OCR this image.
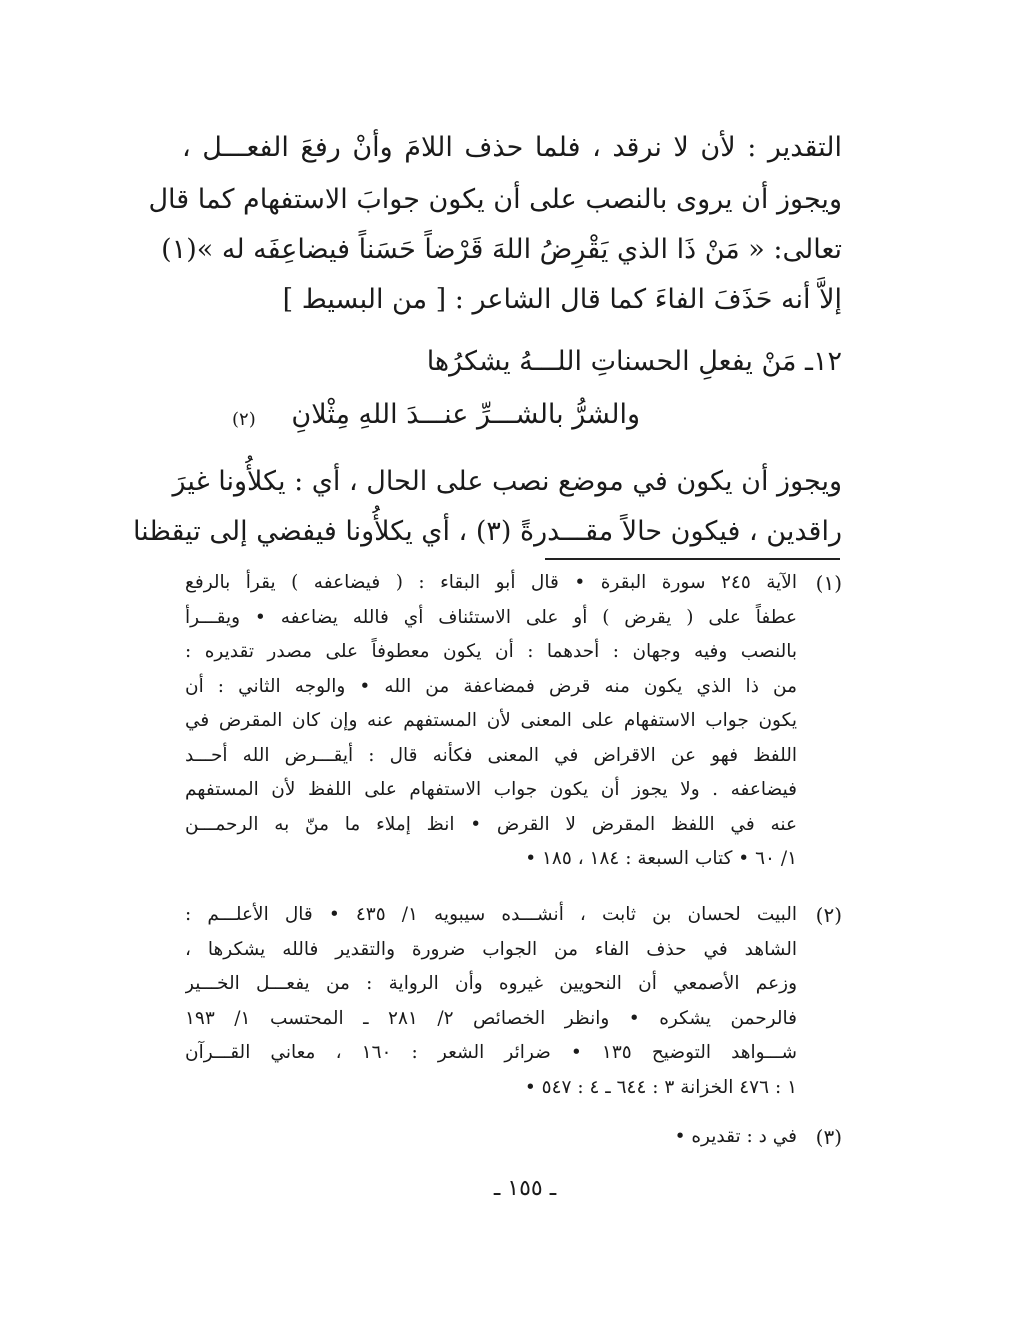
التقدير : لأن لا نرقد ، فلما حذف اللامَ وأنْ رفعَ الفعـــل ،
ويجوز أن يروى بالنصب على أن يكون جوابَ الاستفهام كما قال
تعالى: « مَنْ ذَا الذي يَقْرِضُ اللهَ قَرْضاً حَسَناً فيضاعِفَه له »(١)
إلاَّ أنه حَذَفَ الفاءَ كما قال الشاعر : [ من البسيط ]
١٢ـ مَنْ يفعلِ الحسناتِ اللـــهُ يشكرُها
والشرُّ بالشـــرِّ عنـــدَ اللهِ مِثْلانِ
(٢)
ويجوز أن يكون في موضع نصب على الحال ، أي : يكلأُونا غيرَ
راقدين ، فيكون حالاً مقـــدرةً (٣) ، أي يكلأُونا فيفضي إلى تيقظنا
(١)
الآية ٢٤٥ سورة البقرة • قال أبو البقاء : ( فيضاعفه ) يقرأ بالرفع
عطفاً على ( يقرض ) أو على الاستئناف أي فالله يضاعفه • ويقـــرأ
بالنصب وفيه وجهان : أحدهما : أن يكون معطوفاً على مصدر تقديره :
من ذا الذي يكون منه قرض فمضاعفة من الله • والوجه الثاني : أن
يكون جواب الاستفهام على المعنى لأن المستفهم عنه وإن كان المقرض في
اللفظ فهو عن الاقراض في المعنى فكأنه قال : أيقـــرض الله أحـــد
فيضاعفه . ولا يجوز أن يكون جواب الاستفهام على اللفظ لأن المستفهم
عنه في اللفظ المقرض لا القرض • انظ إملاء ما منّ به الرحمـــن
١/ ٦٠ • كتاب السبعة : ١٨٤ ، ١٨٥ •
(٢)
البيت لحسان بن ثابت ، أنشـــده سيبويه ١/ ٤٣٥ • قال الأعلـــم :
الشاهد في حذف الفاء من الجواب ضرورة والتقدير فالله يشكرها ،
وزعم الأصمعي أن النحويين غيروه وأن الرواية : من يفعـــل الخـــير
فالرحمن يشكره • وانظر الخصائص ٢/ ٢٨١ ـ المحتسب ١/ ١٩٣
شـــواهد التوضيح ١٣٥ • ضرائر الشعر : ١٦٠ ، معاني القـــرآن
١ : ٤٧٦ الخزانة ٣ : ٦٤٤ ـ ٤ : ٥٤٧ •
(٣)
في د : تقديره •
ـ ١٥٥ ـ
